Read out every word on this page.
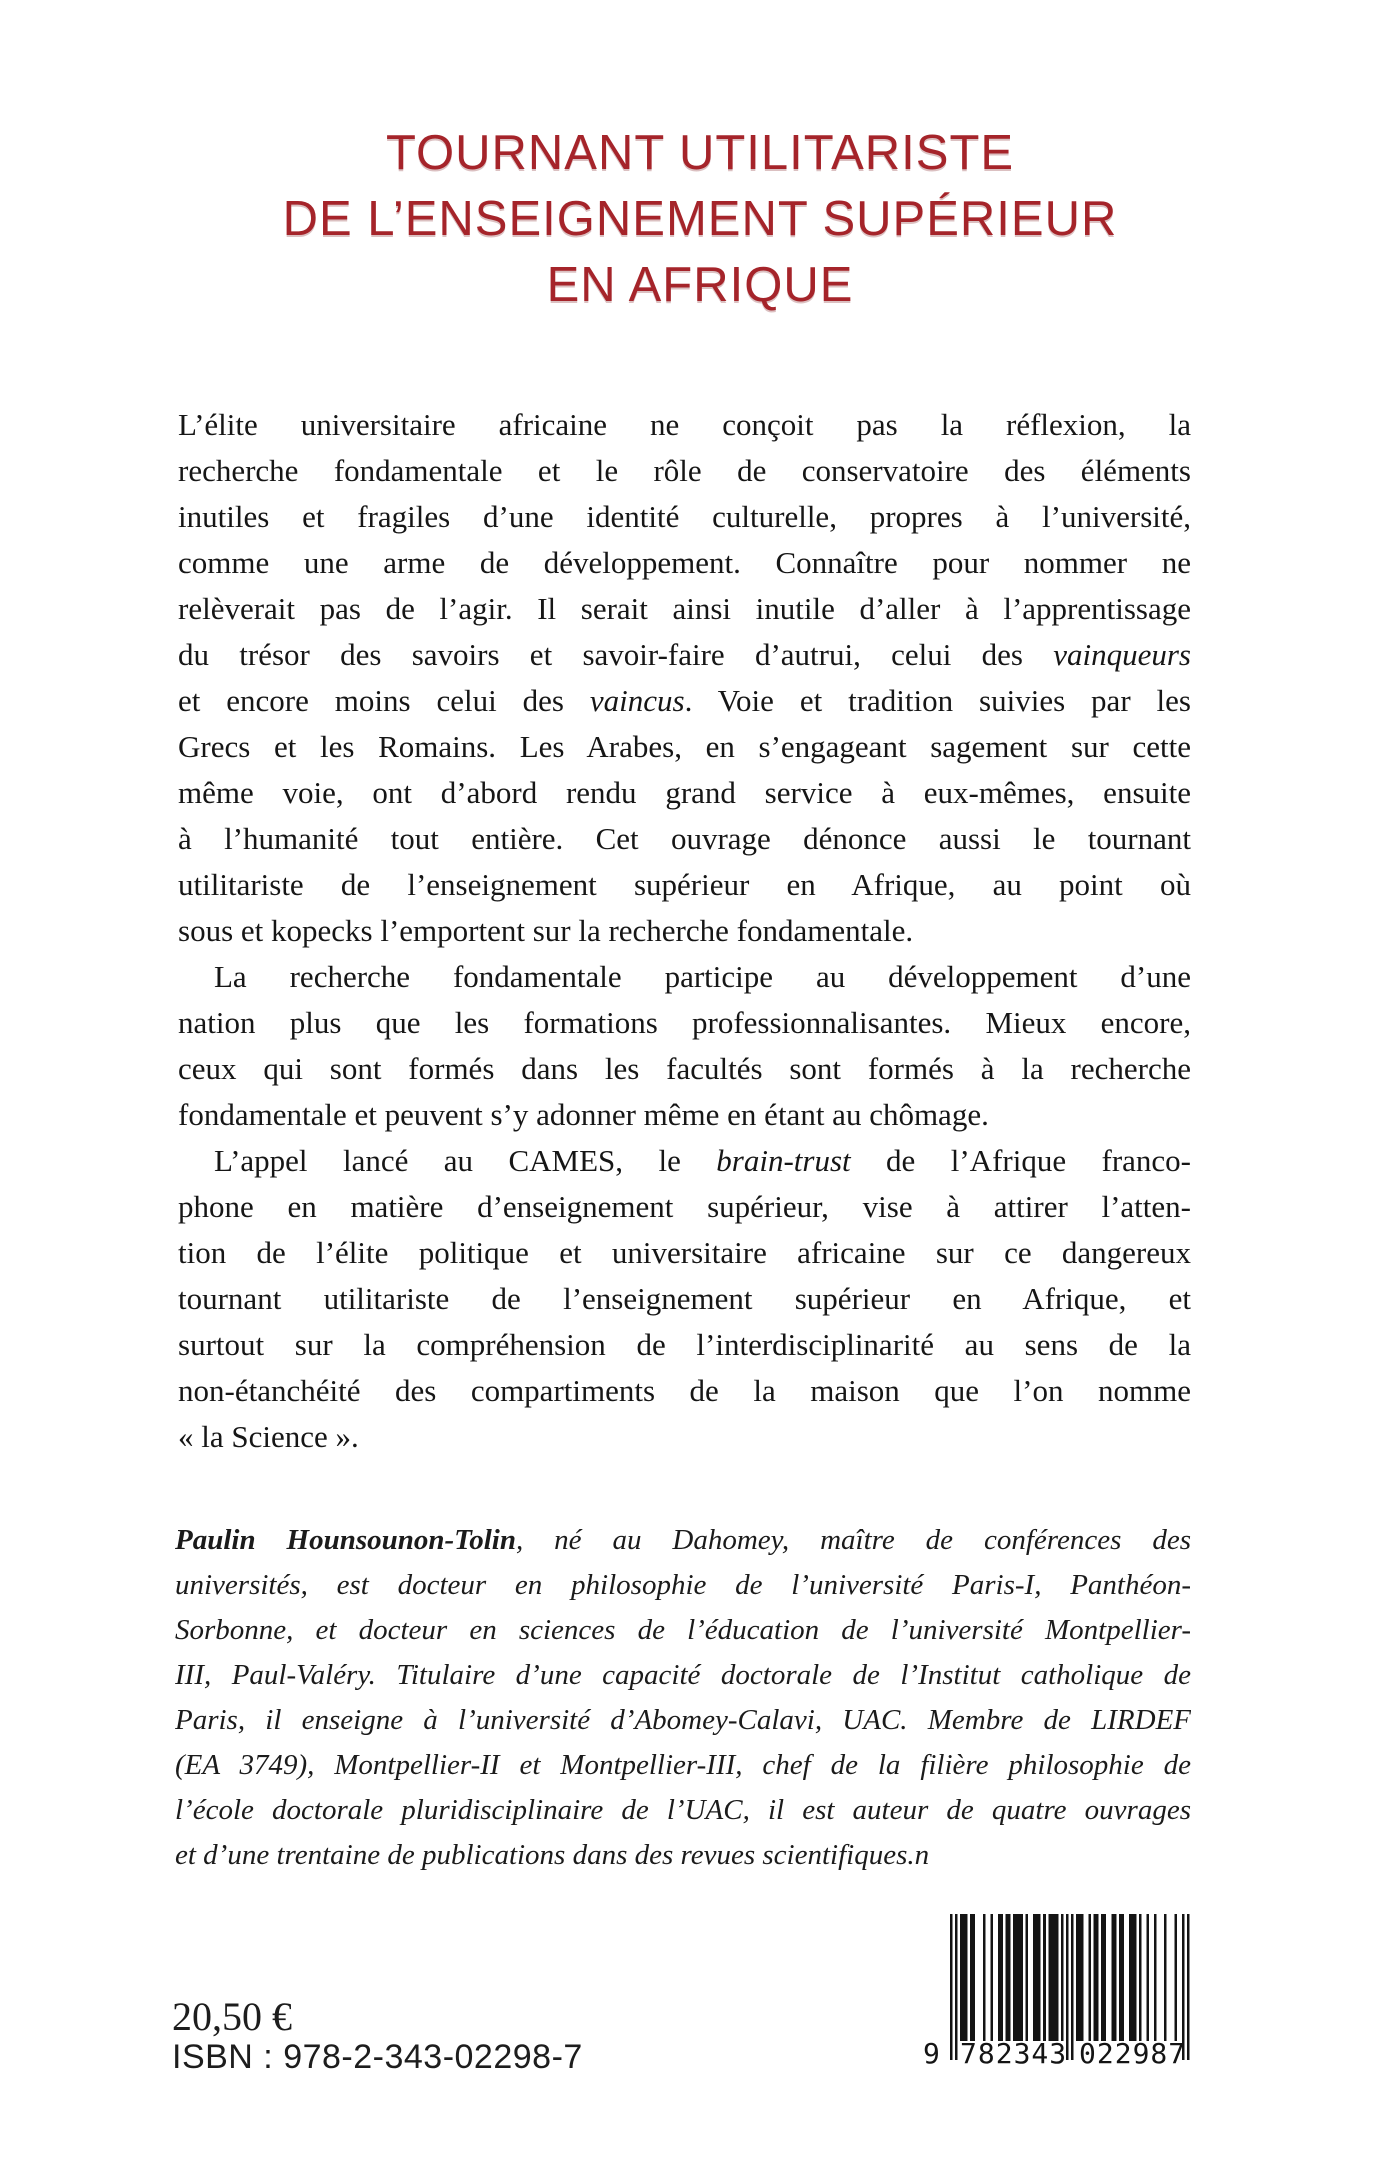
TOURNANT UTILITARISTE
DE L’ENSEIGNEMENT SUPÉRIEUR
EN AFRIQUE
L’élite universitaire africaine ne conçoit pas la réflexion, la
recherche fondamentale et le rôle de conservatoire des éléments
inutiles et fragiles d’une identité culturelle, propres à l’université,
comme une arme de développement. Connaître pour nommer ne
relèverait pas de l’agir. Il serait ainsi inutile d’aller à l’apprentissage
du trésor des savoirs et savoir-faire d’autrui, celui des vainqueurs
et encore moins celui des vaincus. Voie et tradition suivies par les
Grecs et les Romains. Les Arabes, en s’engageant sagement sur cette
même voie, ont d’abord rendu grand service à eux-mêmes, ensuite
à l’humanité tout entière. Cet ouvrage dénonce aussi le tournant
utilitariste de l’enseignement supérieur en Afrique, au point où
sous et kopecks l’emportent sur la recherche fondamentale.
La recherche fondamentale participe au développement d’une
nation plus que les formations professionnalisantes. Mieux encore,
ceux qui sont formés dans les facultés sont formés à la recherche
fondamentale et peuvent s’y adonner même en étant au chômage.
L’appel lancé au CAMES, le brain-trust de l’Afrique franco-
phone en matière d’enseignement supérieur, vise à attirer l’atten-
tion de l’élite politique et universitaire africaine sur ce dangereux
tournant utilitariste de l’enseignement supérieur en Afrique, et
surtout sur la compréhension de l’interdisciplinarité au sens de la
non-étanchéité des compartiments de la maison que l’on nomme
« la Science ».
Paulin Hounsounon-Tolin, né au Dahomey, maître de conférences des
universités, est docteur en philosophie de l’université Paris-I, Panthéon-
Sorbonne, et docteur en sciences de l’éducation de l’université Montpellier-
III, Paul-Valéry. Titulaire d’une capacité doctorale de l’Institut catholique de
Paris, il enseigne à l’université d’Abomey-Calavi, UAC. Membre de LIRDEF
(EA 3749), Montpellier-II et Montpellier-III, chef de la filière philosophie de
l’école doctorale pluridisciplinaire de l’UAC, il est auteur de quatre ouvrages
et d’une trentaine de publications dans des revues scientifiques.n
20,50 €
ISBN : 978-2-343-02298-7	9 782343 022987
